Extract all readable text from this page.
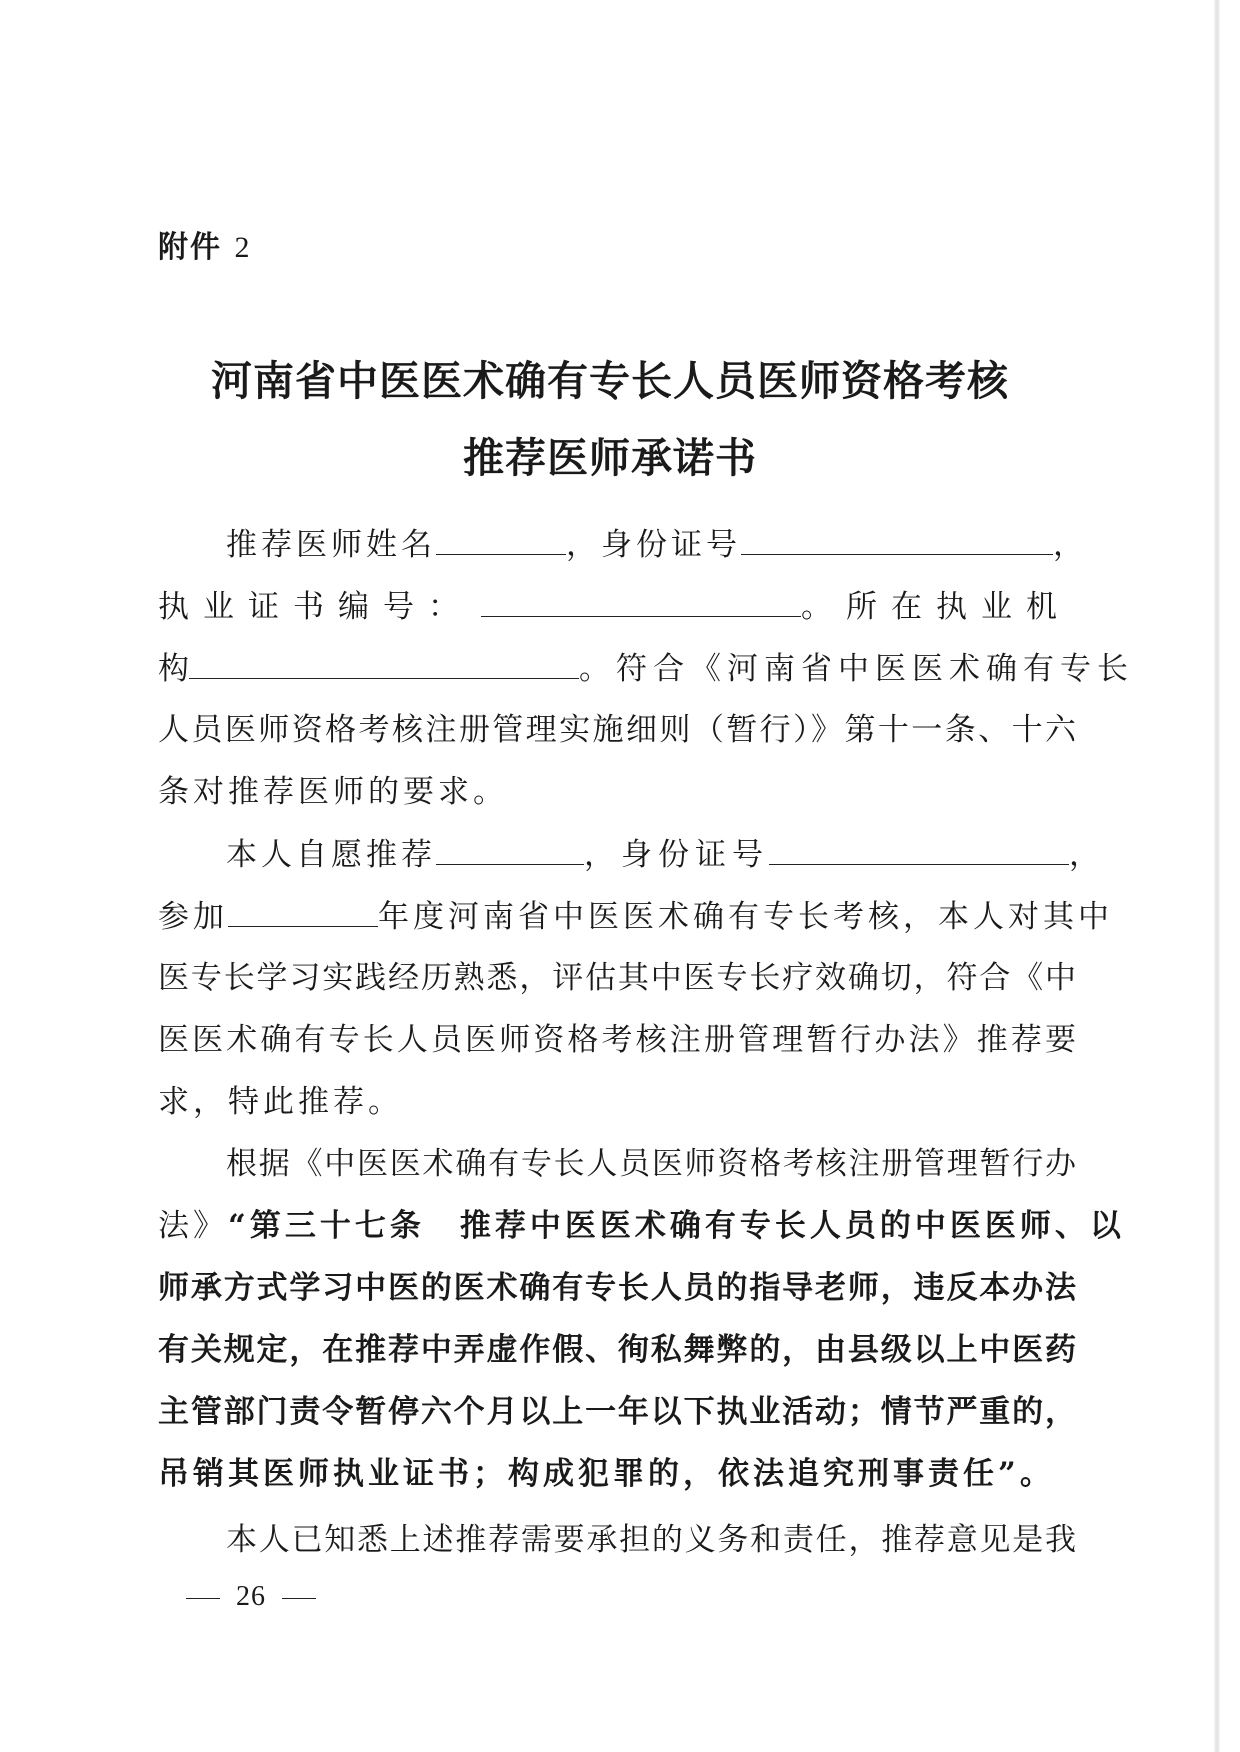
附件 2
河南省中医医术确有专长人员医师资格考核
推荐医师承诺书
推荐医师姓名	，身份证号	，
执业证书编号：	。所在执业机
构	。符合《河南省中医医术确有专长
人员医师资格考核注册管理实施细则（暂行）》第十一条、十六
条对推荐医师的要求。
本人自愿推荐	，身份证号	，
参加	年度河南省中医医术确有专长考核，本人对其中
医专长学习实践经历熟悉，评估其中医专长疗效确切，符合《中
医医术确有专长人员医师资格考核注册管理暂行办法》推荐要
求，特此推荐。
根据《中医医术确有专长人员医师资格考核注册管理暂行办
法》“第三十七条　推荐中医医术确有专长人员的中医医师、以
师承方式学习中医的医术确有专长人员的指导老师，违反本办法
有关规定，在推荐中弄虚作假、徇私舞弊的，由县级以上中医药
主管部门责令暂停六个月以上一年以下执业活动；情节严重的，
吊销其医师执业证书；构成犯罪的，依法追究刑事责任”。
本人已知悉上述推荐需要承担的义务和责任，推荐意见是我
26
